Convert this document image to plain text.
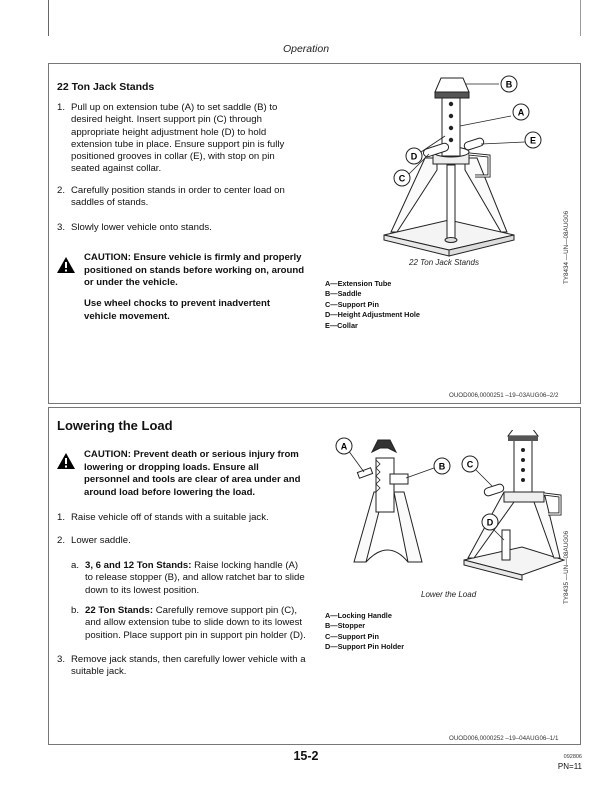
Operation
22 Ton Jack Stands
1. Pull up on extension tube (A) to set saddle (B) to
desired height. Insert support pin (C) through
appropriate height adjustment hole (D) to hold
extension tube in place. Ensure support pin is fully
positioned grooves in collar (E), with stop on pin
seated against collar.
2. Carefully position stands in order to center load on
saddles of stands.
3. Slowly lower vehicle onto stands.
CAUTION: Ensure vehicle is firmly and properly
positioned on stands before working on, around
or under the vehicle.
Use wheel chocks to prevent inadvertent
vehicle movement.
B
A
E
D
C
TY8434 —UN—08AUG06
22 Ton Jack Stands
A—Extension Tube
B—Saddle
C—Support Pin
D—Height Adjustment Hole
E—Collar
OUOD006,0000251 –19–03AUG06–2/2
Lowering the Load
CAUTION: Prevent death or serious injury from
lowering or dropping loads. Ensure all
personnel and tools are clear of area under and
around load before lowering the load.
1. Raise vehicle off of stands with a suitable jack.
2. Lower saddle.
a. 3, 6 and 12 Ton Stands: Raise locking handle (A)
to release stopper (B), and allow ratchet bar to slide
down to its lowest position.
b. 22 Ton Stands: Carefully remove support pin (C),
and allow extension tube to slide down to its lowest
position. Place support pin in support pin holder (D).
3. Remove jack stands, then carefully lower vehicle with a
suitable jack.
A
B C
D
TY8435 —UN—08AUG06
Lower the Load
A—Locking Handle
B—Stopper
C—Support Pin
D—Support Pin Holder
OUOD006,0000252 –19–04AUG06–1/1
15-2	092806
PN=11
